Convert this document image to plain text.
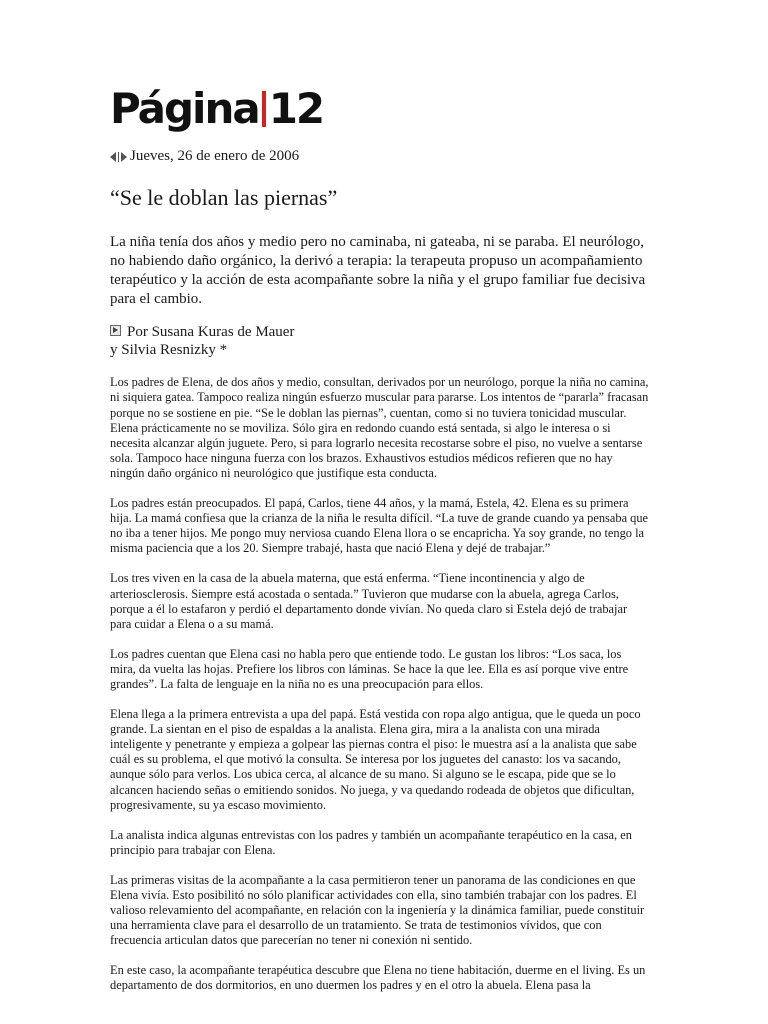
Página 12
Jueves, 26 de enero de 2006
“Se le doblan las piernas”
La niña tenía dos años y medio pero no caminaba, ni gateaba, ni se paraba. El neurólogo, no habiendo daño orgánico, la derivó a terapia: la terapeuta propuso un acompañamiento terapéutico y la acción de esta acompañante sobre la niña y el grupo familiar fue decisiva para el cambio.
Por Susana Kuras de Mauer
y Silvia Resnizky *

Los padres de Elena, de dos años y medio, consultan, derivados por un neurólogo, porque la niña no camina, ni siquiera gatea. Tampoco realiza ningún esfuerzo muscular para pararse. Los intentos de “pararla” fracasan porque no se sostiene en pie. “Se le doblan las piernas”, cuentan, como si no tuviera tonicidad muscular. Elena prácticamente no se moviliza. Sólo gira en redondo cuando está sentada, si algo le interesa o si necesita alcanzar algún juguete. Pero, si para lograrlo necesita recostarse sobre el piso, no vuelve a sentarse sola. Tampoco hace ninguna fuerza con los brazos. Exhaustivos estudios médicos refieren que no hay ningún daño orgánico ni neurológico que justifique esta conducta.

Los padres están preocupados. El papá, Carlos, tiene 44 años, y la mamá, Estela, 42. Elena es su primera hija. La mamá confiesa que la crianza de la niña le resulta difícil. “La tuve de grande cuando ya pensaba que no iba a tener hijos. Me pongo muy nerviosa cuando Elena llora o se encapricha. Ya soy grande, no tengo la misma paciencia que a los 20. Siempre trabajé, hasta que nació Elena y dejé de trabajar.”

Los tres viven en la casa de la abuela materna, que está enferma. “Tiene incontinencia y algo de arteriosclerosis. Siempre está acostada o sentada.” Tuvieron que mudarse con la abuela, agrega Carlos, porque a él lo estafaron y perdió el departamento donde vivían. No queda claro si Estela dejó de trabajar para cuidar a Elena o a su mamá.

Los padres cuentan que Elena casi no habla pero que entiende todo. Le gustan los libros: “Los saca, los mira, da vuelta las hojas. Prefiere los libros con láminas. Se hace la que lee. Ella es así porque vive entre grandes”. La falta de lenguaje en la niña no es una preocupación para ellos.

Elena llega a la primera entrevista a upa del papá. Está vestida con ropa algo antigua, que le queda un poco grande. La sientan en el piso de espaldas a la analista. Elena gira, mira a la analista con una mirada inteligente y penetrante y empieza a golpear las piernas contra el piso: le muestra así a la analista que sabe cuál es su problema, el que motivó la consulta. Se interesa por los juguetes del canasto: los va sacando, aunque sólo para verlos. Los ubica cerca, al alcance de su mano. Si alguno se le escapa, pide que se lo alcancen haciendo señas o emitiendo sonidos. No juega, y va quedando rodeada de objetos que dificultan, progresivamente, su ya escaso movimiento.

La analista indica algunas entrevistas con los padres y también un acompañante terapéutico en la casa, en principio para trabajar con Elena.

Las primeras visitas de la acompañante a la casa permitieron tener un panorama de las condiciones en que Elena vivía. Esto posibilitó no sólo planificar actividades con ella, sino también trabajar con los padres. El valioso relevamiento del acompañante, en relación con la ingeniería y la dinámica familiar, puede constituir una herramienta clave para el desarrollo de un tratamiento. Se trata de testimonios vívidos, que con frecuencia articulan datos que parecerían no tener ni conexión ni sentido.

En este caso, la acompañante terapéutica descubre que Elena no tiene habitación, duerme en el living. Es un departamento de dos dormitorios, en uno duermen los padres y en el otro la abuela. Elena pasa la
